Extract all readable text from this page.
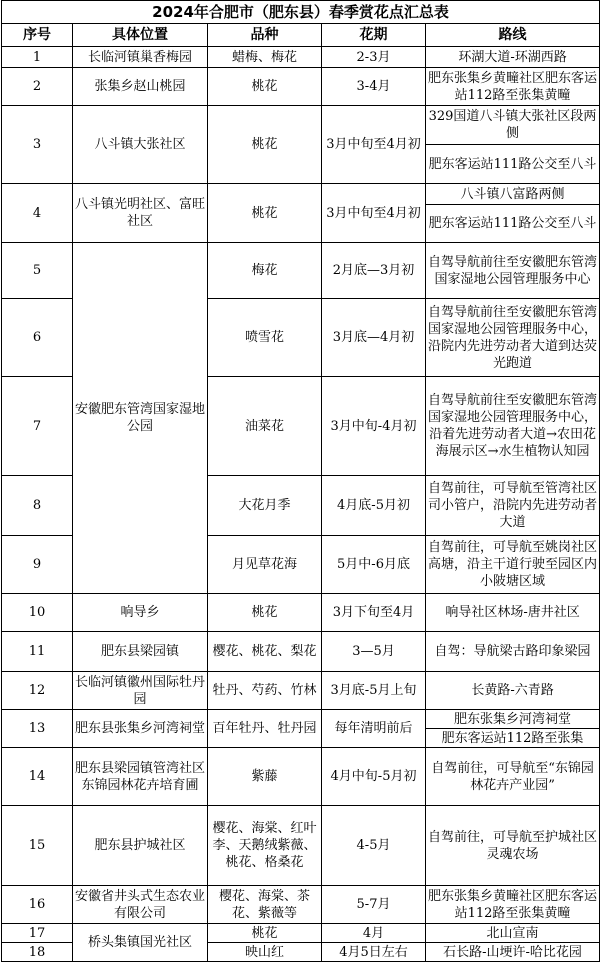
2024年合肥市（肥东县）春季赏花点汇总表				
序号	具体位置	品种	花期	路线
1	长临河镇巢香梅园	蜡梅、梅花	2-3月	环湖大道-环湖西路
2	张集乡赵山桃园	桃花	3-4月	肥东张集乡黄疃社区肥东客运站112路至张集黄疃
3	八斗镇大张社区	桃花	3月中旬至4月初	329国道八斗镇大张社区段两侧
				肥东客运站111路公交至八斗
4	八斗镇光明社区、富旺社区	桃花	3月中旬至4月初	八斗镇八富路两侧
				肥东客运站111路公交至八斗
5	安徽肥东管湾国家湿地公园	梅花	2月底—3月初	自驾导航前往至安徽肥东管湾国家湿地公园管理服务中心
6		喷雪花	3月底—4月初	自驾导航前往至安徽肥东管湾国家湿地公园管理服务中心，沿院内先进劳动者大道到达荧光跑道
7		油菜花	3月中旬-4月初	自驾导航前往至安徽肥东管湾国家湿地公园管理服务中心，沿着先进劳动者大道→农田花海展示区→水生植物认知园
8		大花月季	4月底-5月初	自驾前往，可导航至管湾社区司小管户，沿院内先进劳动者大道
9		月见草花海	5月中-6月底	自驾前往，可导航至姚岗社区高塘，沿主干道行驶至园区内小陂塘区域
10	响导乡	桃花	3月下旬至4月	响导社区林场-唐井社区
11	肥东县梁园镇	樱花、桃花、梨花	3—5月	自驾：导航梁古路印象梁园
12	长临河镇徽州国际牡丹园	牡丹、芍药、竹林	3月底-5月上旬	长黄路-六青路
13	肥东县张集乡河湾祠堂	百年牡丹、牡丹园	每年清明前后	肥东张集乡河湾祠堂
				肥东客运站112路至张集
14	肥东县梁园镇管湾社区东锦园林花卉培育圃	紫藤	4月中旬-5月初	自驾前往，可导航至“东锦园林花卉产业园”
15	肥东县护城社区	樱花、海棠、红叶李、天鹅绒紫薇、桃花、格桑花	4-5月	自驾前往，可导航至护城社区灵魂农场
16	安徽省井头式生态农业有限公司	樱花、海棠、茶花、紫薇等	5-7月	肥东张集乡黄疃社区肥东客运站112路至张集黄疃
17	桥头集镇国光社区	桃花	4月	北山宣南
18		映山红	4月5日左右	石长路-山埂许-哈比花园
